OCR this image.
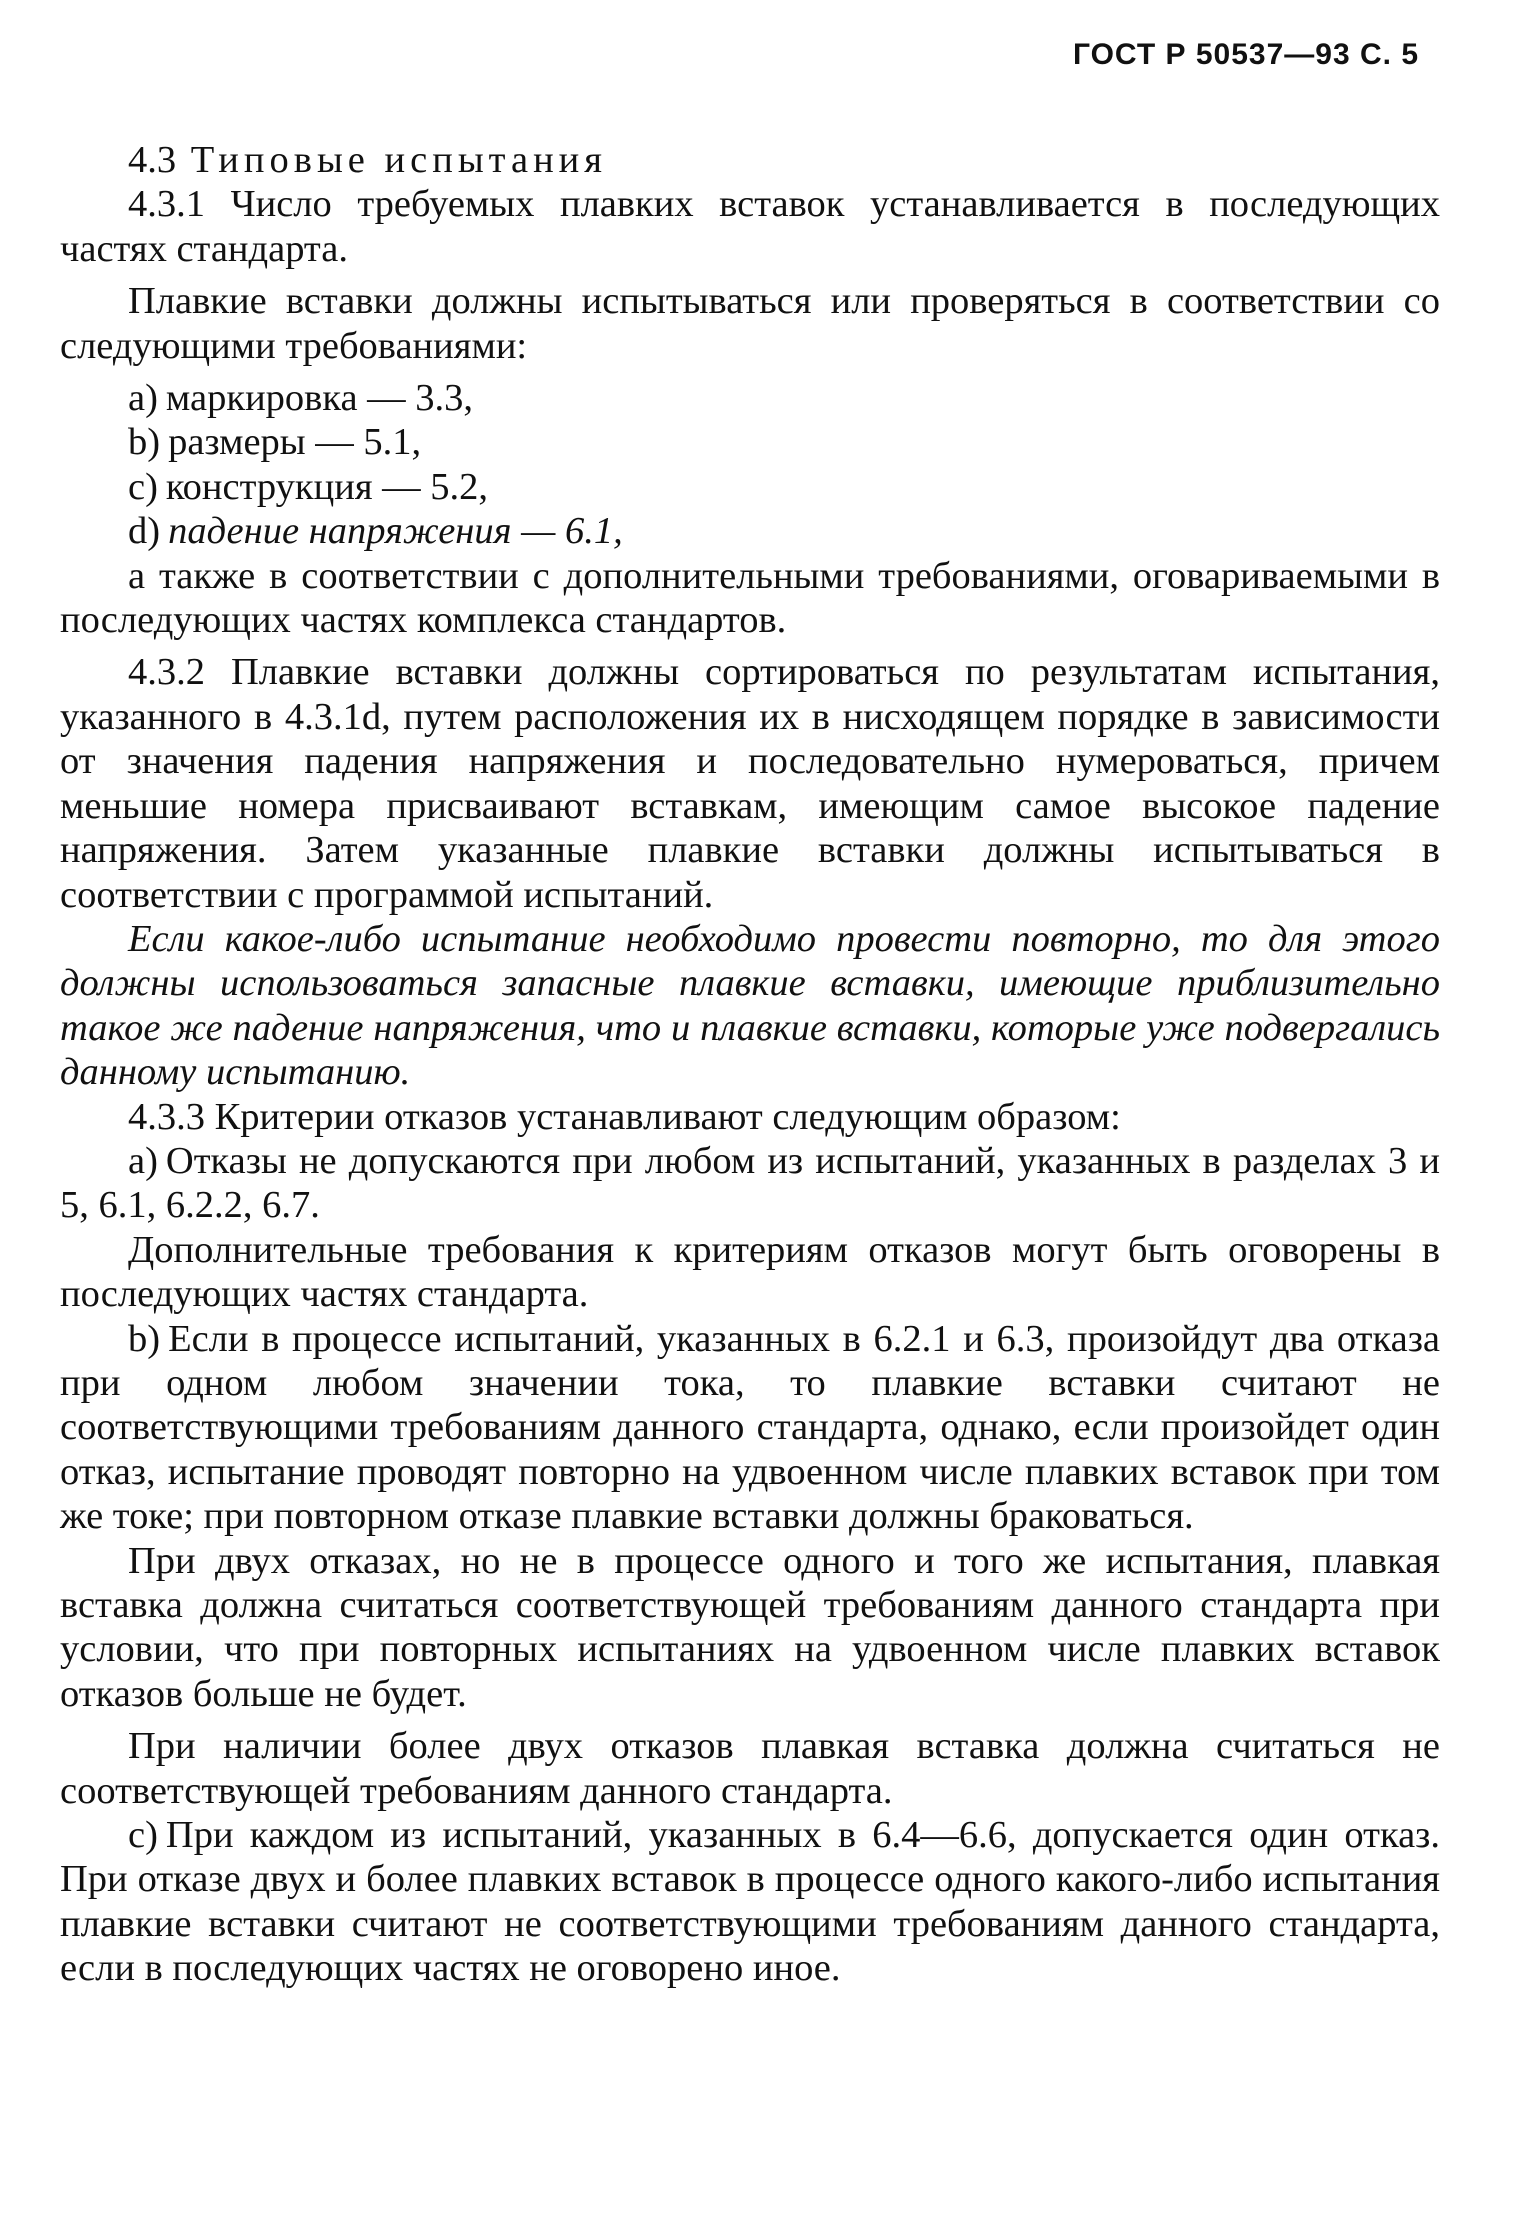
ГОСТ Р 50537—93 С. 5

4.3 Типовые испытания

4.3.1 Число требуемых плавких вставок устанавливается в последующих частях стандарта.

Плавкие вставки должны испытываться или проверяться в соответствии со следующими требованиями:

а) маркировка — 3.3,

b) размеры — 5.1,

с) конструкция — 5.2,

d) падение напряжения — 6.1,

а также в соответствии с дополнительными требованиями, оговариваемыми в последующих частях комплекса стандартов.

4.3.2 Плавкие вставки должны сортироваться по результатам испытания, указанного в 4.3.1d, путем расположения их в нисходящем порядке в зависимости от значения падения напряжения и последовательно нумероваться, причем меньшие номера присваивают вставкам, имеющим самое высокое падение напряжения. Затем указанные плавкие вставки должны испытываться в соответствии с программой испытаний.

Если какое-либо испытание необходимо провести повторно, то для этого должны использоваться запасные плавкие вставки, имеющие приблизительно такое же падение напряжения, что и плавкие вставки, которые уже подвергались данному испытанию.

4.3.3 Критерии отказов устанавливают следующим образом:

а) Отказы не допускаются при любом из испытаний, указанных в разделах 3 и 5, 6.1, 6.2.2, 6.7.

Дополнительные требования к критериям отказов могут быть оговорены в последующих частях стандарта.

b) Если в процессе испытаний, указанных в 6.2.1 и 6.3, произойдут два отказа при одном любом значении тока, то плавкие вставки считают не соответствующими требованиям данного стандарта, однако, если произойдет один отказ, испытание проводят повторно на удвоенном числе плавких вставок при том же токе; при повторном отказе плавкие вставки должны браковаться.

При двух отказах, но не в процессе одного и того же испытания, плавкая вставка должна считаться соответствующей требованиям данного стандарта при условии, что при повторных испытаниях на удвоенном числе плавких вставок отказов больше не будет.

При наличии более двух отказов плавкая вставка должна считаться не соответствующей требованиям данного стандарта.

с) При каждом из испытаний, указанных в 6.4—6.6, допускается один отказ. При отказе двух и более плавких вставок в процессе одного какого-либо испытания плавкие вставки считают не соответствующими требованиям данного стандарта, если в последующих частях не оговорено иное.
